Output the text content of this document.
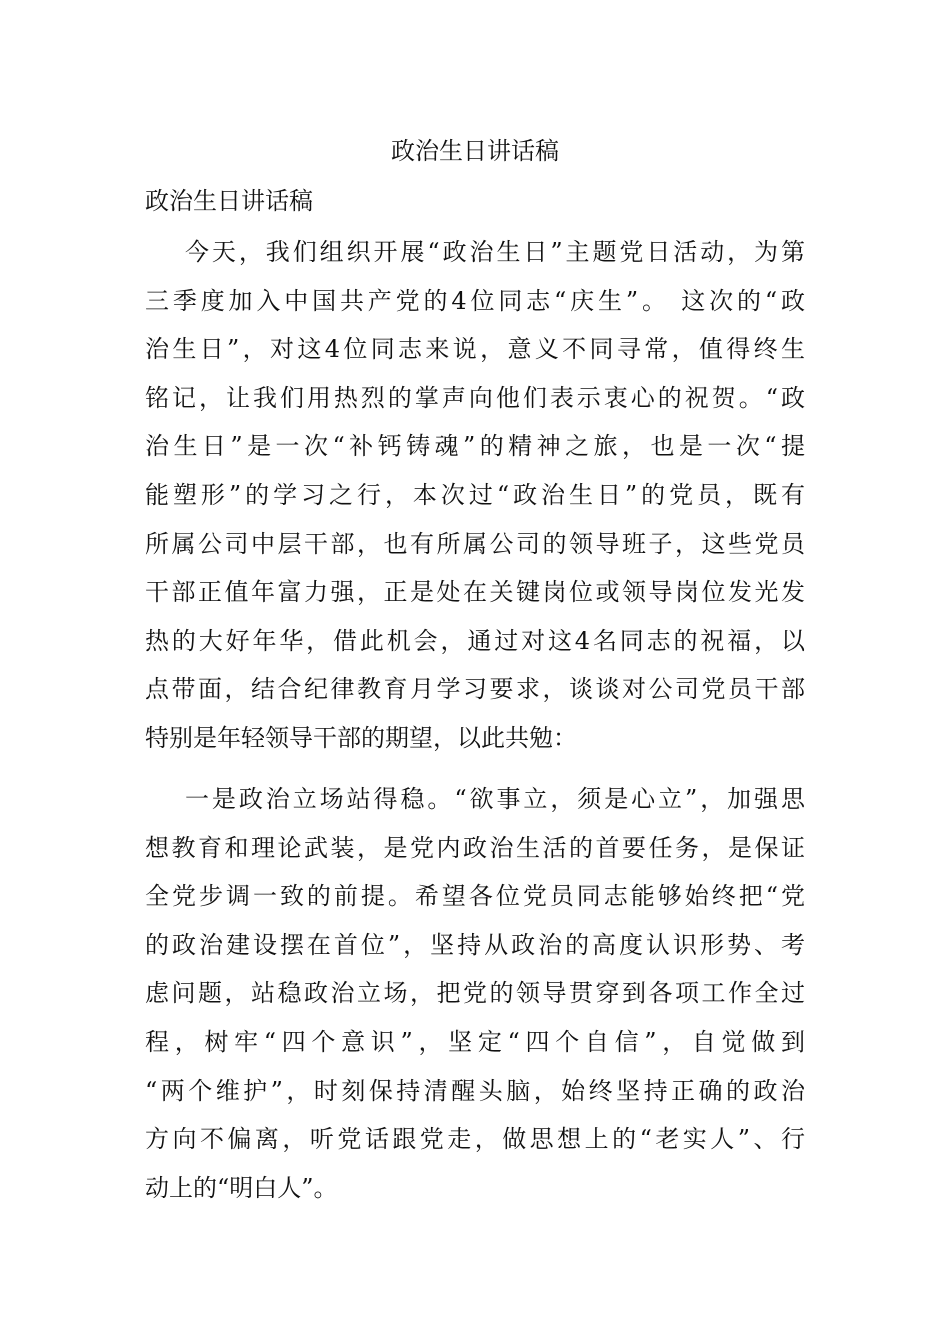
政治生日讲话稿
政治生日讲话稿
今天，我们组织开展“政治生日”主题党日活动，为第
三季度加入中国共产党的4位同志“庆生”。 这次的“政
治生日”，对这4位同志来说，意义不同寻常，值得终生
铭记，让我们用热烈的掌声向他们表示衷心的祝贺。“政
治生日”是一次“补钙铸魂”的精神之旅，也是一次“提
能塑形”的学习之行，本次过“政治生日”的党员，既有
所属公司中层干部，也有所属公司的领导班子，这些党员
干部正值年富力强，正是处在关键岗位或领导岗位发光发
热的大好年华，借此机会，通过对这4名同志的祝福，以
点带面，结合纪律教育月学习要求，谈谈对公司党员干部
特别是年轻领导干部的期望，以此共勉：
一是政治立场站得稳。“欲事立，须是心立”，加强思
想教育和理论武装，是党内政治生活的首要任务，是保证
全党步调一致的前提。希望各位党员同志能够始终把“党
的政治建设摆在首位”，坚持从政治的高度认识形势、考
虑问题，站稳政治立场，把党的领导贯穿到各项工作全过
程，树牢“四个意识”，坚定“四个自信”，自觉做到
“两个维护”，时刻保持清醒头脑，始终坚持正确的政治
方向不偏离，听党话跟党走，做思想上的“老实人”、行
动上的“明白人”。
